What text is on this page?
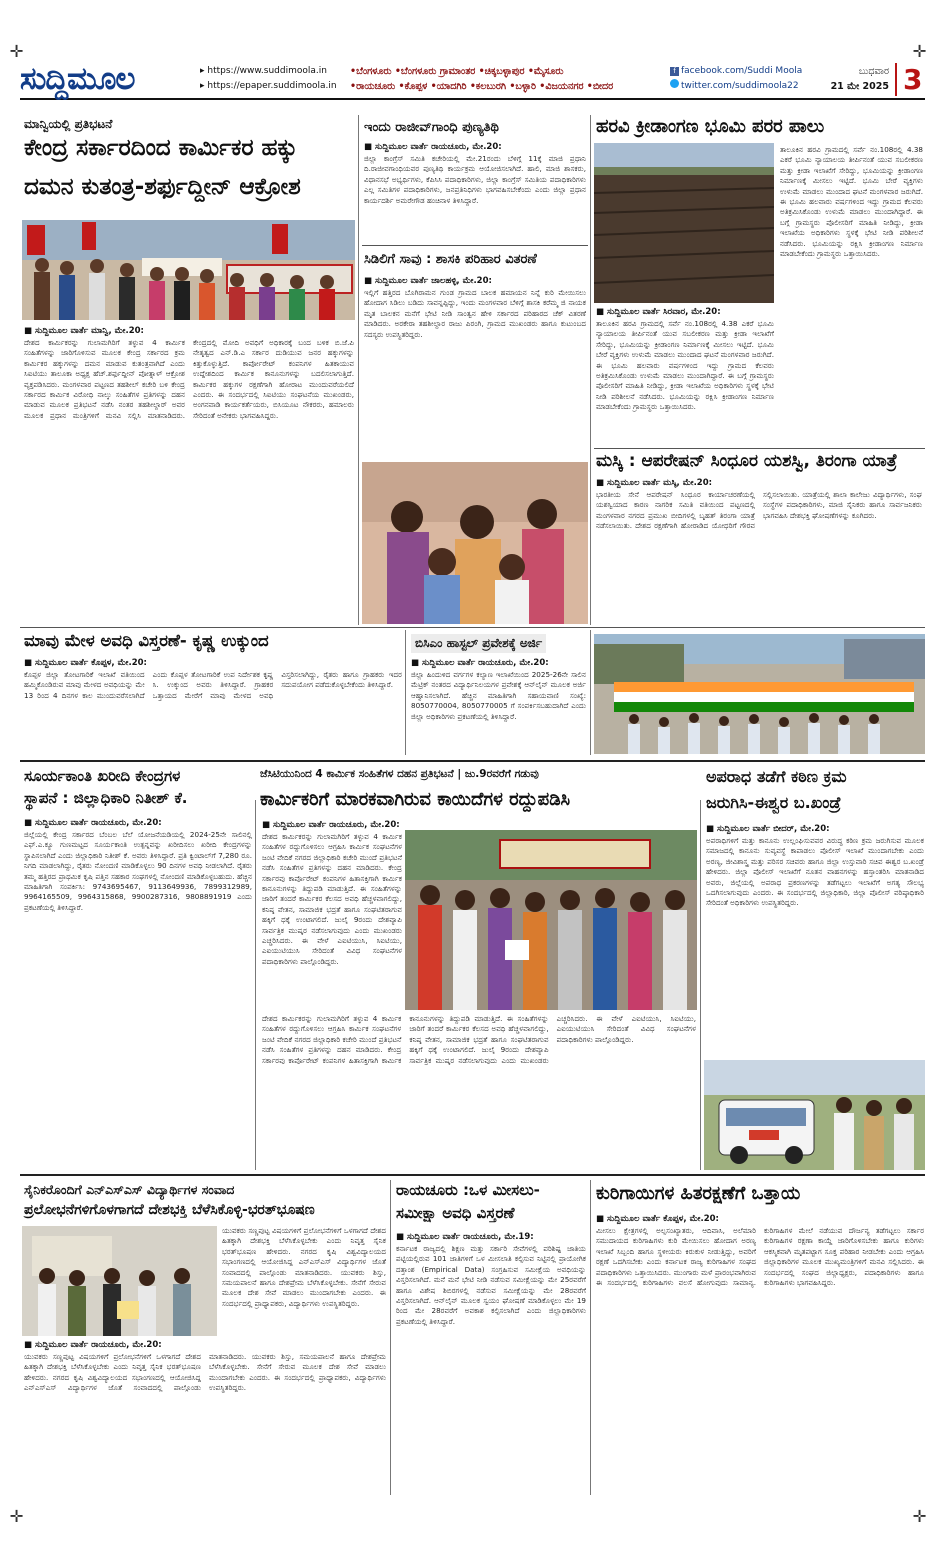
✛	✛
✛	✛
ಸುದ್ದಿಮೂಲ	▸ https://www.suddimoola.in
▸ https://epaper.suddimoola.in
•ಬೆಂಗಳೂರು •ಬೆಂಗಳೂರು ಗ್ರಾಮಾಂತರ •ಚಿಕ್ಕಬಳ್ಳಾಪುರ •ಮೈಸೂರು
•ರಾಯಚೂರು •ಕೊಪ್ಪಳ •ಯಾದಗಿರಿ •ಕಲಬುರಗಿ •ಬಳ್ಳಾರಿ •ವಿಜಯನಗರ •ಬೀದರ
f facebook.com/Suddi Moola
twitter.com/suddimoola22
ಬುಧವಾರ
21 ಮೇ 2025 3
ಮಾನ್ವಿಯಲ್ಲಿ ಪ್ರತಿಭಟನೆ
ಕೇಂದ್ರ ಸರ್ಕಾರದಿಂದ ಕಾರ್ಮಿಕರ ಹಕ್ಕು
ದಮನ ಕುತಂತ್ರ-ಶರ್ಫುದ್ದೀನ್ ಆಕ್ರೋಶ
■ ಸುದ್ದಿಮೂಲ ವಾರ್ತೆ ಮಾನ್ವಿ, ಮೇ.20:
ದೇಶದ ಕಾರ್ಮಿಕರನ್ನು ಗುಲಾಮಗಿರಿಗೆ ತಳ್ಳುವ 4 ಕಾರ್ಮಿಕ ಸಂಹಿತೆಗಳನ್ನು ಜಾರಿಗೊಳಿಸುವ ಮೂಲಕ ಕೇಂದ್ರ ಸರ್ಕಾರದ ಕ್ರಮ ಕಾರ್ಮಿಕರ ಹಕ್ಕುಗಳನ್ನು ದಮನ ಮಾಡುವ ಕುತಂತ್ರವಾಗಿದೆ ಎಂದು ಸಿಐಟಿಯು ತಾಲೂಕಾ ಅಧ್ಯಕ್ಷ ಹೆಚ್.ಶರ್ಫುದ್ದೀನ್ ಪೋತ್ನಾಳ್ ಆಕ್ರೋಶ ವ್ಯಕ್ತಪಡಿಸಿದರು. ಮಂಗಳವಾರ ಪಟ್ಟಣದ ತಹಶೀಲ್ ಕಚೇರಿ ಬಳಿ ಕೇಂದ್ರ ಸರ್ಕಾರದ ಕಾರ್ಮಿಕ ವಿರೋಧಿ ನಾಲ್ಕು ಸಂಹಿತೆಗಳ ಪ್ರತಿಗಳನ್ನು ದಹನ ಮಾಡುವ ಮೂಲಕ ಪ್ರತಿಭಟನೆ ನಡೆಸಿ ನಂತರ ತಹಶೀಲ್ದಾರ್ ಅವರ ಮೂಲಕ ಪ್ರಧಾನ ಮಂತ್ರಿಗಳಿಗೆ ಮನವಿ ಸಲ್ಲಿಸಿ ಮಾತನಾಡಿದರು. ಕೇಂದ್ರದಲ್ಲಿ ಮೋದಿ ಅವಧಿಗೆ ಅಧಿಕಾರಕ್ಕೆ ಬಂದ ಬಳಿಕ ಬಿ.ಜೆ.ಪಿ ನೇತೃತ್ವದ ಎನ್.ಡಿ.ಎ ಸರ್ಕಾರ ದುಡಿಯುವ ಜನರ ಹಕ್ಕುಗಳನ್ನು ಕಿತ್ತುಕೊಳ್ಳುತ್ತಿದೆ. ಕಾರ್ಪೋರೇಟ್ ಕಂಪನಿಗಳ ಹಿತಕಾಯುವ ಉದ್ದೇಶದಿಂದ ಕಾರ್ಮಿಕ ಕಾನೂನುಗಳನ್ನು ಬದಲಿಸಲಾಗುತ್ತಿದೆ. ಕಾರ್ಮಿಕರ ಹಕ್ಕುಗಳ ರಕ್ಷಣೆಗಾಗಿ ಹೋರಾಟ ಮುಂದುವರೆಯಲಿದೆ ಎಂದರು. ಈ ಸಂದರ್ಭದಲ್ಲಿ ಸಿಐಟಿಯು ಸಂಘಟನೆಯ ಮುಖಂಡರು, ಅಂಗನವಾಡಿ ಕಾರ್ಯಕರ್ತೆಯರು, ಬಿಸಿಯೂಟ ನೌಕರರು, ಹಮಾಲರು ಸೇರಿದಂತೆ ಅನೇಕರು ಭಾಗವಹಿಸಿದ್ದರು.
ಇಂದು ರಾಜೀವ್‌ಗಾಂಧಿ ಪುಣ್ಯತಿಥಿ
■ ಸುದ್ದಿಮೂಲ ವಾರ್ತೆ ರಾಯಚೂರು, ಮೇ.20:
ಜಿಲ್ಲಾ ಕಾಂಗ್ರೆಸ್ ಸಮಿತಿ ಕಚೇರಿಯಲ್ಲಿ ಮೇ.21ರಂದು ಬೆಳಿಗ್ಗೆ 11ಕ್ಕೆ ಮಾಜಿ ಪ್ರಧಾನಿ ದಿ.ರಾಜೀವಗಾಂಧಿಯವರ ಪುಣ್ಯತಿಥಿ ಕಾರ್ಯಕ್ರಮ ಆಯೋಜಿಸಲಾಗಿದೆ. ಹಾಲಿ, ಮಾಜಿ ಶಾಸಕರು, ವಿಧಾನಸಭೆ ಅಭ್ಯರ್ಥಿಗಳು, ಕೆಪಿಸಿಸಿ ಪದಾಧಿಕಾರಿಗಳು, ಜಿಲ್ಲಾ ಕಾಂಗ್ರೆಸ್ ಸಮಿತಿಯ ಪದಾಧಿಕಾರಿಗಳು ಎಲ್ಲ ಸಮಿತಿಗಳ ಪದಾಧಿಕಾರಿಗಳು, ಜನಪ್ರತಿನಿಧಿಗಳು ಭಾಗವಹಿಸಬೇಕೆಂದು ಎಂದು ಜಿಲ್ಲಾ ಪ್ರಧಾನ ಕಾರ್ಯದರ್ಶಿ ಅಮರೇಗೌಡ ಹಂಚಿನಾಳ ತಿಳಿಸಿದ್ದಾರೆ.
ಸಿಡಿಲಿಗೆ ಸಾವು : ಶಾಸಕಿ ಪರಿಹಾರ ವಿತರಣೆ
■ ಸುದ್ದಿಮೂಲ ವಾರ್ತೆ ಜಾಲಹಳ್ಳಿ, ಮೇ.20:
ಇಲ್ಲಿಗೆ ಹತ್ತಿರದ ಬೊಗಿರಾಮನ ಗುಂಡ ಗ್ರಾಮದ ಬಾಲಕ ಹಮಾಯನ ನಿನ್ನೆ ಕುರಿ ಮೇಯಿಸಲು ಹೋದಾಗ ಸಿಡಿಲು ಬಡಿದು ಸಾವನ್ನಪ್ಪಿದ್ದು, ಇಂದು ಮಂಗಳವಾರ ಬೆಳಿಗ್ಗೆ ಶಾಸಕಿ ಕರೆಮ್ಮ ಜಿ ನಾಯಕ ಮೃತ ಬಾಲಕನ ಮನೆಗೆ ಭೇಟಿ ನೀಡಿ ಸಾಂತ್ವನ ಹೇಳಿ ಸರ್ಕಾರದ ಪರಿಹಾರದ ಚೆಕ್ ವಿತರಣೆ ಮಾಡಿದರು. ಅರಕೇರಾ ತಹಶೀಲ್ದಾರ ರಾಜು ಪಿರಂಗಿ, ಗ್ರಾಮದ ಮುಖಂಡರು ಹಾಗೂ ಕುಟುಂಬದ ಸದಸ್ಯರು ಉಪಸ್ಥಿತರಿದ್ದರು.
ಹರವಿ ಕ್ರೀಡಾಂಗಣ ಭೂಮಿ ಪರರ ಪಾಲು
■ ಸುದ್ದಿಮೂಲ ವಾರ್ತೆ ಸಿರವಾರ, ಮೇ.20:
ತಾಲೂಕಿನ ಹರವಿ ಗ್ರಾಮದಲ್ಲಿ ಸರ್ವೆ ನಂ.108ರಲ್ಲಿ 4.38 ಎಕರೆ ಭೂಮಿ ನ್ಯಾಯಾಲಯ ತೀರ್ಪಿನಂತೆ ಯುವ ಸಬಲೀಕರಣ ಮತ್ತು ಕ್ರೀಡಾ ಇಲಾಖೆಗೆ ಸೇರಿದ್ದು, ಭೂಮಿಯನ್ನು ಕ್ರೀಡಾಂಗಣ ನಿರ್ಮಾಣಕ್ಕೆ ಮೀಸಲು ಇಟ್ಟಿದೆ. ಭೂಮಿ ಬೇರೆ ವ್ಯಕ್ತಿಗಳು ಉಳುಮೆ ಮಾಡಲು ಮುಂದಾದ ಘಟನೆ ಮಂಗಳವಾರ ಜರುಗಿದೆ. ಈ ಭೂಮಿ ಹಲವಾರು ವರ್ಷಗಳಿಂದ ಇದ್ದು ಗ್ರಾಮದ ಕೆಲವರು ಅತಿಕ್ರಮಿಸಿಕೊಂಡು ಉಳುಮೆ ಮಾಡಲು ಮುಂದಾಗಿದ್ದಾರೆ. ಈ ಬಗ್ಗೆ ಗ್ರಾಮಸ್ಥರು ಪೊಲೀಸರಿಗೆ ಮಾಹಿತಿ ನೀಡಿದ್ದು, ಕ್ರೀಡಾ ಇಲಾಖೆಯ ಅಧಿಕಾರಿಗಳು ಸ್ಥಳಕ್ಕೆ ಭೇಟಿ ನೀಡಿ ಪರಿಶೀಲನೆ ನಡೆಸಿದರು. ಭೂಮಿಯನ್ನು ರಕ್ಷಿಸಿ ಕ್ರೀಡಾಂಗಣ ನಿರ್ಮಾಣ ಮಾಡಬೇಕೆಂದು ಗ್ರಾಮಸ್ಥರು ಒತ್ತಾಯಿಸಿದರು.
ತಾಲೂಕಿನ ಹರವಿ ಗ್ರಾಮದಲ್ಲಿ ಸರ್ವೆ ನಂ.108ರಲ್ಲಿ 4.38 ಎಕರೆ ಭೂಮಿ ನ್ಯಾಯಾಲಯ ತೀರ್ಪಿನಂತೆ ಯುವ ಸಬಲೀಕರಣ ಮತ್ತು ಕ್ರೀಡಾ ಇಲಾಖೆಗೆ ಸೇರಿದ್ದು, ಭೂಮಿಯನ್ನು ಕ್ರೀಡಾಂಗಣ ನಿರ್ಮಾಣಕ್ಕೆ ಮೀಸಲು ಇಟ್ಟಿದೆ. ಭೂಮಿ ಬೇರೆ ವ್ಯಕ್ತಿಗಳು ಉಳುಮೆ ಮಾಡಲು ಮುಂದಾದ ಘಟನೆ ಮಂಗಳವಾರ ಜರುಗಿದೆ. ಈ ಭೂಮಿ ಹಲವಾರು ವರ್ಷಗಳಿಂದ ಇದ್ದು ಗ್ರಾಮದ ಕೆಲವರು ಅತಿಕ್ರಮಿಸಿಕೊಂಡು ಉಳುಮೆ ಮಾಡಲು ಮುಂದಾಗಿದ್ದಾರೆ. ಈ ಬಗ್ಗೆ ಗ್ರಾಮಸ್ಥರು ಪೊಲೀಸರಿಗೆ ಮಾಹಿತಿ ನೀಡಿದ್ದು, ಕ್ರೀಡಾ ಇಲಾಖೆಯ ಅಧಿಕಾರಿಗಳು ಸ್ಥಳಕ್ಕೆ ಭೇಟಿ ನೀಡಿ ಪರಿಶೀಲನೆ ನಡೆಸಿದರು. ಭೂಮಿಯನ್ನು ರಕ್ಷಿಸಿ ಕ್ರೀಡಾಂಗಣ ನಿರ್ಮಾಣ ಮಾಡಬೇಕೆಂದು ಗ್ರಾಮಸ್ಥರು ಒತ್ತಾಯಿಸಿದರು.
ಮಸ್ಕಿ : ಆಪರೇಷನ್ ಸಿಂಧೂರ ಯಶಸ್ವಿ, ತಿರಂಗಾ ಯಾತ್ರೆ
■ ಸುದ್ದಿಮೂಲ ವಾರ್ತೆ ಮಸ್ಕಿ, ಮೇ.20:
ಭಾರತೀಯ ಸೇನೆ ಆಪರೇಷನ್ ಸಿಂಧೂರ ಕಾರ್ಯಾಚರಣೆಯಲ್ಲಿ ಯಶಸ್ವಿಯಾದ ಕಾರಣ ನಾಗರಿಕ ಸಮಿತಿ ವತಿಯಿಂದ ಪಟ್ಟಣದಲ್ಲಿ ಮಂಗಳವಾರ ನಗರದ ಪ್ರಮುಖ ಬೀದಿಗಳಲ್ಲಿ ಬೃಹತ್ ತಿರಂಗಾ ಯಾತ್ರೆ ನಡೆಸಲಾಯಿತು. ದೇಶದ ರಕ್ಷಣೆಗಾಗಿ ಹೋರಾಡಿದ ಯೋಧರಿಗೆ ಗೌರವ ಸಲ್ಲಿಸಲಾಯಿತು. ಯಾತ್ರೆಯಲ್ಲಿ ಶಾಲಾ ಕಾಲೇಜು ವಿದ್ಯಾರ್ಥಿಗಳು, ಸಂಘ ಸಂಸ್ಥೆಗಳ ಪದಾಧಿಕಾರಿಗಳು, ಮಾಜಿ ಸೈನಿಕರು ಹಾಗೂ ಸಾರ್ವಜನಿಕರು ಭಾಗವಹಿಸಿ ದೇಶಭಕ್ತಿ ಘೋಷಣೆಗಳನ್ನು ಕೂಗಿದರು.
ಮಾವು ಮೇಳ ಅವಧಿ ವಿಸ್ತರಣೆ- ಕೃಷ್ಣ ಉಕ್ಕುಂದ
■ ಸುದ್ದಿಮೂಲ ವಾರ್ತೆ ಕೊಪ್ಪಳ, ಮೇ.20:
ಕೊಪ್ಪಳ ಜಿಲ್ಲಾ ತೋಟಗಾರಿಕೆ ಇಲಾಖೆ ವತಿಯಿಂದ ಹಮ್ಮಿಕೊಂಡಿರುವ ಮಾವು ಮೇಳದ ಅವಧಿಯನ್ನು ಮೇ 13 ರಿಂದ 4 ದಿನಗಳ ಕಾಲ ಮುಂದುವರೆಸಲಾಗಿದೆ ಎಂದು ಕೊಪ್ಪಳ ತೋಟಗಾರಿಕೆ ಉಪ ನಿರ್ದೇಶಕ ಕೃಷ್ಣ ಸಿ. ಉಕ್ಕುಂದ ಅವರು ತಿಳಿಸಿದ್ದಾರೆ. ಗ್ರಾಹಕರ ಒತ್ತಾಯದ ಮೇರೆಗೆ ಮಾವು ಮೇಳದ ಅವಧಿ ವಿಸ್ತರಿಸಲಾಗಿದ್ದು, ರೈತರು ಹಾಗೂ ಗ್ರಾಹಕರು ಇದರ ಸದುಪಯೋಗ ಪಡೆದುಕೊಳ್ಳಬೇಕೆಂದು ತಿಳಿಸಿದ್ದಾರೆ.
ಬಿಸಿಎಂ ಹಾಸ್ಟಲ್ ಪ್ರವೇಶಕ್ಕೆ ಅರ್ಜಿ
■ ಸುದ್ದಿಮೂಲ ವಾರ್ತೆ ರಾಯಚೂರು, ಮೇ.20:
ಜಿಲ್ಲಾ ಹಿಂದುಳಿದ ವರ್ಗಗಳ ಕಲ್ಯಾಣ ಇಲಾಖೆಯಿಂದ 2025-26ನೇ ಸಾಲಿನ ಮೆಟ್ರಿಕ್ ನಂತರದ ವಿದ್ಯಾರ್ಥಿನಿಲಯಗಳ ಪ್ರವೇಶಕ್ಕೆ ಆನ್‌ಲೈನ್ ಮೂಲಕ ಅರ್ಜಿ ಆಹ್ವಾನಿಸಲಾಗಿದೆ. ಹೆಚ್ಚಿನ ಮಾಹಿತಿಗಾಗಿ ಸಹಾಯವಾಣಿ ಸಂಖ್ಯೆ: 8050770004, 8050770005 ಗೆ ಸಂಪರ್ಕಿಸಬಹುದಾಗಿದೆ ಎಂದು ಜಿಲ್ಲಾ ಅಧಿಕಾರಿಗಳು ಪ್ರಕಟಣೆಯಲ್ಲಿ ತಿಳಿಸಿದ್ದಾರೆ.
ಸೂರ್ಯಕಾಂತಿ ಖರೀದಿ ಕೇಂದ್ರಗಳ
ಸ್ಥಾಪನೆ : ಜಿಲ್ಲಾಧಿಕಾರಿ ನಿತೀಶ್ ಕೆ.
■ ಸುದ್ದಿಮೂಲ ವಾರ್ತೆ ರಾಯಚೂರು, ಮೇ.20:
ಜಿಲ್ಲೆಯಲ್ಲಿ ಕೇಂದ್ರ ಸರ್ಕಾರದ ಬೆಂಬಲ ಬೆಲೆ ಯೋಜನೆಯಡಿಯಲ್ಲಿ 2024-25ನೇ ಸಾಲಿನಲ್ಲಿ ಎಫ್.ಎ.ಕ್ಯೂ ಗುಣಮಟ್ಟದ ಸೂರ್ಯಕಾಂತಿ ಉತ್ಪನ್ನವನ್ನು ಖರೀದಿಸಲು ಖರೀದಿ ಕೇಂದ್ರಗಳನ್ನು ಸ್ಥಾಪಿಸಲಾಗಿದೆ ಎಂದು ಜಿಲ್ಲಾಧಿಕಾರಿ ನಿತೀಶ್ ಕೆ. ಅವರು ತಿಳಿಸಿದ್ದಾರೆ. ಪ್ರತಿ ಕ್ವಿಂಟಾಲ್‌ಗೆ 7,280 ರೂ. ನಿಗದಿ ಮಾಡಲಾಗಿದ್ದು, ರೈತರು ನೋಂದಣಿ ಮಾಡಿಕೊಳ್ಳಲು 90 ದಿನಗಳ ಅವಧಿ ನೀಡಲಾಗಿದೆ. ರೈತರು ತಮ್ಮ ಹತ್ತಿರದ ಪ್ರಾಥಮಿಕ ಕೃಷಿ ಪತ್ತಿನ ಸಹಕಾರ ಸಂಘಗಳಲ್ಲಿ ನೋಂದಣಿ ಮಾಡಿಕೊಳ್ಳಬಹುದು. ಹೆಚ್ಚಿನ ಮಾಹಿತಿಗಾಗಿ ಸಂಪರ್ಕಿಸಿ: 9743695467, 9113649936, 7899312989, 9964165509, 9964315868, 9900287316, 9808891919 ಎಂದು ಪ್ರಕಟಣೆಯಲ್ಲಿ ತಿಳಿಸಿದ್ದಾರೆ.
ಜೆಸಿಟಿಯುನಿಂದ 4 ಕಾರ್ಮಿಕ ಸಂಹಿತೆಗಳ ದಹನ ಪ್ರತಿಭಟನೆ | ಜು.9ರವರೆಗೆ ಗಡುವು
ಕಾರ್ಮಿಕರಿಗೆ ಮಾರಕವಾಗಿರುವ ಕಾಯಿದೆಗಳ ರದ್ದುಪಡಿಸಿ
■ ಸುದ್ದಿಮೂಲ ವಾರ್ತೆ ರಾಯಚೂರು, ಮೇ.20:
ದೇಶದ ಕಾರ್ಮಿಕರನ್ನು ಗುಲಾಮಗಿರಿಗೆ ತಳ್ಳುವ 4 ಕಾರ್ಮಿಕ ಸಂಹಿತೆಗಳ ರದ್ದುಗೊಳಿಸಲು ಆಗ್ರಹಿಸಿ ಕಾರ್ಮಿಕ ಸಂಘಟನೆಗಳ ಜಂಟಿ ವೇದಿಕೆ ನಗರದ ಜಿಲ್ಲಾಧಿಕಾರಿ ಕಚೇರಿ ಮುಂದೆ ಪ್ರತಿಭಟನೆ ನಡೆಸಿ ಸಂಹಿತೆಗಳ ಪ್ರತಿಗಳನ್ನು ದಹನ ಮಾಡಿದರು. ಕೇಂದ್ರ ಸರ್ಕಾರವು ಕಾರ್ಪೊರೇಟ್ ಕಂಪನಿಗಳ ಹಿತಾಸಕ್ತಿಗಾಗಿ ಕಾರ್ಮಿಕ ಕಾನೂನುಗಳನ್ನು ತಿದ್ದುಪಡಿ ಮಾಡುತ್ತಿದೆ. ಈ ಸಂಹಿತೆಗಳನ್ನು ಜಾರಿಗೆ ತಂದರೆ ಕಾರ್ಮಿಕರ ಕೆಲಸದ ಅವಧಿ ಹೆಚ್ಚಳವಾಗಲಿದ್ದು, ಕನಿಷ್ಠ ವೇತನ, ಸಾಮಾಜಿಕ ಭದ್ರತೆ ಹಾಗೂ ಸಂಘಟಿತರಾಗುವ ಹಕ್ಕಿಗೆ ಧಕ್ಕೆ ಉಂಟಾಗಲಿದೆ. ಜುಲೈ 9ರಂದು ದೇಶವ್ಯಾಪಿ ಸಾರ್ವತ್ರಿಕ ಮುಷ್ಕರ ನಡೆಸಲಾಗುವುದು ಎಂದು ಮುಖಂಡರು ಎಚ್ಚರಿಸಿದರು. ಈ ವೇಳೆ ಎಐಟಿಯುಸಿ, ಸಿಐಟಿಯು, ಎಐಯುಟಿಯುಸಿ ಸೇರಿದಂತೆ ವಿವಿಧ ಸಂಘಟನೆಗಳ ಪದಾಧಿಕಾರಿಗಳು ಪಾಲ್ಗೊಂಡಿದ್ದರು.
ದೇಶದ ಕಾರ್ಮಿಕರನ್ನು ಗುಲಾಮಗಿರಿಗೆ ತಳ್ಳುವ 4 ಕಾರ್ಮಿಕ ಸಂಹಿತೆಗಳ ರದ್ದುಗೊಳಿಸಲು ಆಗ್ರಹಿಸಿ ಕಾರ್ಮಿಕ ಸಂಘಟನೆಗಳ ಜಂಟಿ ವೇದಿಕೆ ನಗರದ ಜಿಲ್ಲಾಧಿಕಾರಿ ಕಚೇರಿ ಮುಂದೆ ಪ್ರತಿಭಟನೆ ನಡೆಸಿ ಸಂಹಿತೆಗಳ ಪ್ರತಿಗಳನ್ನು ದಹನ ಮಾಡಿದರು. ಕೇಂದ್ರ ಸರ್ಕಾರವು ಕಾರ್ಪೊರೇಟ್ ಕಂಪನಿಗಳ ಹಿತಾಸಕ್ತಿಗಾಗಿ ಕಾರ್ಮಿಕ ಕಾನೂನುಗಳನ್ನು ತಿದ್ದುಪಡಿ ಮಾಡುತ್ತಿದೆ. ಈ ಸಂಹಿತೆಗಳನ್ನು ಜಾರಿಗೆ ತಂದರೆ ಕಾರ್ಮಿಕರ ಕೆಲಸದ ಅವಧಿ ಹೆಚ್ಚಳವಾಗಲಿದ್ದು, ಕನಿಷ್ಠ ವೇತನ, ಸಾಮಾಜಿಕ ಭದ್ರತೆ ಹಾಗೂ ಸಂಘಟಿತರಾಗುವ ಹಕ್ಕಿಗೆ ಧಕ್ಕೆ ಉಂಟಾಗಲಿದೆ. ಜುಲೈ 9ರಂದು ದೇಶವ್ಯಾಪಿ ಸಾರ್ವತ್ರಿಕ ಮುಷ್ಕರ ನಡೆಸಲಾಗುವುದು ಎಂದು ಮುಖಂಡರು ಎಚ್ಚರಿಸಿದರು. ಈ ವೇಳೆ ಎಐಟಿಯುಸಿ, ಸಿಐಟಿಯು, ಎಐಯುಟಿಯುಸಿ ಸೇರಿದಂತೆ ವಿವಿಧ ಸಂಘಟನೆಗಳ ಪದಾಧಿಕಾರಿಗಳು ಪಾಲ್ಗೊಂಡಿದ್ದರು.
ಅಪರಾಧ ತಡೆಗೆ ಕಠಿಣ ಕ್ರಮ
ಜರುಗಿಸಿ-ಈಶ್ವರ ಬ.ಖಂಡ್ರೆ
■ ಸುದ್ದಿಮೂಲ ವಾರ್ತೆ ಬೀದರ್, ಮೇ.20:
ಅಪರಾಧಿಗಳಿಗೆ ಮತ್ತು ಕಾನೂನು ಉಲ್ಲಂಘಿಸುವವರ ವಿರುದ್ಧ ಕಠಿಣ ಕ್ರಮ ಜರುಗಿಸುವ ಮೂಲಕ ಸಮಾಜದಲ್ಲಿ ಕಾನೂನು ಸುವ್ಯವಸ್ಥೆ ಕಾಪಾಡಲು ಪೊಲೀಸ್ ಇಲಾಖೆ ಮುಂದಾಗಬೇಕು ಎಂದು ಅರಣ್ಯ, ಜೀವಿಶಾಸ್ತ್ರ ಮತ್ತು ಪರಿಸರ ಸಚಿವರು ಹಾಗೂ ಜಿಲ್ಲಾ ಉಸ್ತುವಾರಿ ಸಚಿವ ಈಶ್ವರ ಬ.ಖಂಡ್ರೆ ಹೇಳಿದರು. ಜಿಲ್ಲಾ ಪೊಲೀಸ್ ಇಲಾಖೆಗೆ ನೂತನ ವಾಹನಗಳನ್ನು ಹಸ್ತಾಂತರಿಸಿ ಮಾತನಾಡಿದ ಅವರು, ಜಿಲ್ಲೆಯಲ್ಲಿ ಅಪರಾಧ ಪ್ರಕರಣಗಳನ್ನು ತಡೆಗಟ್ಟಲು ಇಲಾಖೆಗೆ ಅಗತ್ಯ ಸೌಲಭ್ಯ ಒದಗಿಸಲಾಗುವುದು ಎಂದರು. ಈ ಸಂದರ್ಭದಲ್ಲಿ ಜಿಲ್ಲಾಧಿಕಾರಿ, ಜಿಲ್ಲಾ ಪೊಲೀಸ್ ವರಿಷ್ಠಾಧಿಕಾರಿ ಸೇರಿದಂತೆ ಅಧಿಕಾರಿಗಳು ಉಪಸ್ಥಿತರಿದ್ದರು.
ಸೈನಿಕರೊಂದಿಗೆ ಎನ್‌ಎಸ್‌ಎಸ್ ವಿದ್ಯಾರ್ಥಿಗಳ ಸಂವಾದ
ಪ್ರಲೋಭನೆಗಳಿಗೊಳಗಾಗದೆ ದೇಶಭಕ್ತಿ ಬೆಳೆಸಿಕೊಳ್ಳಿ-ಭರತ್‌ಭೂಷಣ
ಯುವಕರು ಸಣ್ಣಪುಟ್ಟ ವಿಷಯಗಳಿಗೆ ಪ್ರಲೋಭನೆಗಳಿಗೆ ಒಳಗಾಗದೆ ದೇಶದ ಹಿತಕ್ಕಾಗಿ ದೇಶಭಕ್ತಿ ಬೆಳೆಸಿಕೊಳ್ಳಬೇಕು ಎಂದು ನಿವೃತ್ತ ಸೈನಿಕ ಭರತ್‌ಭೂಷಣ ಹೇಳಿದರು. ನಗರದ ಕೃಷಿ ವಿಶ್ವವಿದ್ಯಾಲಯದ ಸಭಾಂಗಣದಲ್ಲಿ ಆಯೋಜಿಸಿದ್ದ ಎನ್‌ಎಸ್‌ಎಸ್ ವಿದ್ಯಾರ್ಥಿಗಳ ಜೊತೆ ಸಂವಾದದಲ್ಲಿ ಪಾಲ್ಗೊಂಡು ಮಾತನಾಡಿದರು. ಯುವಕರು ಶಿಸ್ತು, ಸಮಯಪಾಲನೆ ಹಾಗೂ ದೇಶಪ್ರೇಮ ಬೆಳೆಸಿಕೊಳ್ಳಬೇಕು. ಸೇನೆಗೆ ಸೇರುವ ಮೂಲಕ ದೇಶ ಸೇವೆ ಮಾಡಲು ಮುಂದಾಗಬೇಕು ಎಂದರು. ಈ ಸಂದರ್ಭದಲ್ಲಿ ಪ್ರಾಧ್ಯಾಪಕರು, ವಿದ್ಯಾರ್ಥಿಗಳು ಉಪಸ್ಥಿತರಿದ್ದರು.
■ ಸುದ್ದಿಮೂಲ ವಾರ್ತೆ ರಾಯಚೂರು, ಮೇ.20:
ಯುವಕರು ಸಣ್ಣಪುಟ್ಟ ವಿಷಯಗಳಿಗೆ ಪ್ರಲೋಭನೆಗಳಿಗೆ ಒಳಗಾಗದೆ ದೇಶದ ಹಿತಕ್ಕಾಗಿ ದೇಶಭಕ್ತಿ ಬೆಳೆಸಿಕೊಳ್ಳಬೇಕು ಎಂದು ನಿವೃತ್ತ ಸೈನಿಕ ಭರತ್‌ಭೂಷಣ ಹೇಳಿದರು. ನಗರದ ಕೃಷಿ ವಿಶ್ವವಿದ್ಯಾಲಯದ ಸಭಾಂಗಣದಲ್ಲಿ ಆಯೋಜಿಸಿದ್ದ ಎನ್‌ಎಸ್‌ಎಸ್ ವಿದ್ಯಾರ್ಥಿಗಳ ಜೊತೆ ಸಂವಾದದಲ್ಲಿ ಪಾಲ್ಗೊಂಡು ಮಾತನಾಡಿದರು. ಯುವಕರು ಶಿಸ್ತು, ಸಮಯಪಾಲನೆ ಹಾಗೂ ದೇಶಪ್ರೇಮ ಬೆಳೆಸಿಕೊಳ್ಳಬೇಕು. ಸೇನೆಗೆ ಸೇರುವ ಮೂಲಕ ದೇಶ ಸೇವೆ ಮಾಡಲು ಮುಂದಾಗಬೇಕು ಎಂದರು. ಈ ಸಂದರ್ಭದಲ್ಲಿ ಪ್ರಾಧ್ಯಾಪಕರು, ವಿದ್ಯಾರ್ಥಿಗಳು ಉಪಸ್ಥಿತರಿದ್ದರು.
ರಾಯಚೂರು :ಒಳ ಮೀಸಲು-
ಸಮೀಕ್ಷಾ ಅವಧಿ ವಿಸ್ತರಣೆ
■ ಸುದ್ದಿಮೂಲ ವಾರ್ತೆ ರಾಯಚೂರು, ಮೇ.19:
ಕರ್ನಾಟಕ ರಾಜ್ಯದಲ್ಲಿ ಶಿಕ್ಷಣ ಮತ್ತು ಸರ್ಕಾರಿ ಸೇವೆಗಳಲ್ಲಿ ಪರಿಶಿಷ್ಟ ಜಾತಿಯ ಪಟ್ಟಿಯಲ್ಲಿರುವ 101 ಜಾತಿಗಳಿಗೆ ಒಳ ಮೀಸಲಾತಿ ಕಲ್ಪಿಸುವ ನಿಟ್ಟಿನಲ್ಲಿ ಪ್ರಾಯೋಗಿಕ ದತ್ತಾಂಶ (Empirical Data) ಸಂಗ್ರಹಿಸುವ ಸಮೀಕ್ಷೆಯ ಅವಧಿಯನ್ನು ವಿಸ್ತರಿಸಲಾಗಿದೆ. ಮನೆ ಮನೆ ಭೇಟಿ ನೀಡಿ ನಡೆಸುವ ಸಮೀಕ್ಷೆಯನ್ನು ಮೇ 25ರವರೆಗೆ ಹಾಗೂ ವಿಶೇಷ ಶಿಬಿರಗಳಲ್ಲಿ ನಡೆಸುವ ಸಮೀಕ್ಷೆಯನ್ನು ಮೇ 28ರವರೆಗೆ ವಿಸ್ತರಿಸಲಾಗಿದೆ. ಆನ್‌ಲೈನ್ ಮೂಲಕ ಸ್ವಯಂ ಘೋಷಣೆ ಮಾಡಿಕೊಳ್ಳಲು ಮೇ 19 ರಿಂದ ಮೇ 28ರವರೆಗೆ ಅವಕಾಶ ಕಲ್ಪಿಸಲಾಗಿದೆ ಎಂದು ಜಿಲ್ಲಾಧಿಕಾರಿಗಳು ಪ್ರಕಟಣೆಯಲ್ಲಿ ತಿಳಿಸಿದ್ದಾರೆ.
ಕುರಿಗಾಯಿಗಳ ಹಿತರಕ್ಷಣೆಗೆ ಒತ್ತಾಯ
■ ಸುದ್ದಿಮೂಲ ವಾರ್ತೆ ಕೊಪ್ಪಳ, ಮೇ.20:
ಮೀಸಲು ಕ್ಷೇತ್ರಗಳಲ್ಲಿ ಅಲ್ಪಸಂಖ್ಯಾತರು, ಆದಿವಾಸಿ, ಅಲೆಮಾರಿ ಸಮುದಾಯದ ಕುರಿಗಾಹಿಗಳು ಕುರಿ ಮೇಯಿಸಲು ಹೋದಾಗ ಅರಣ್ಯ ಇಲಾಖೆ ಸಿಬ್ಬಂದಿ ಹಾಗೂ ಸ್ಥಳೀಯರು ಕಿರುಕುಳ ನೀಡುತ್ತಿದ್ದು, ಅವರಿಗೆ ರಕ್ಷಣೆ ಒದಗಿಸಬೇಕು ಎಂದು ಕರ್ನಾಟಕ ರಾಜ್ಯ ಕುರಿಗಾಹಿಗಳ ಸಂಘದ ಪದಾಧಿಕಾರಿಗಳು ಒತ್ತಾಯಿಸಿದರು. ಮುಂಗಾರು ಮಳೆ ಪ್ರಾರಂಭವಾಗಿರುವ ಈ ಸಂದರ್ಭದಲ್ಲಿ ಕುರಿಗಾಹಿಗಳು ವಲಸೆ ಹೋಗುವುದು ಸಾಮಾನ್ಯ. ಕುರಿಗಾಹಿಗಳ ಮೇಲೆ ನಡೆಯುವ ದೌರ್ಜನ್ಯ ತಡೆಗಟ್ಟಲು ಸರ್ಕಾರ ಕುರಿಗಾಹಿಗಳ ರಕ್ಷಣಾ ಕಾಯ್ದೆ ಜಾರಿಗೊಳಿಸಬೇಕು ಹಾಗೂ ಕುರಿಗಳು ಆಕಸ್ಮಿಕವಾಗಿ ಮೃತಪಟ್ಟಾಗ ಸೂಕ್ತ ಪರಿಹಾರ ನೀಡಬೇಕು ಎಂದು ಆಗ್ರಹಿಸಿ ಜಿಲ್ಲಾಧಿಕಾರಿಗಳ ಮೂಲಕ ಮುಖ್ಯಮಂತ್ರಿಗಳಿಗೆ ಮನವಿ ಸಲ್ಲಿಸಿದರು. ಈ ಸಂದರ್ಭದಲ್ಲಿ ಸಂಘದ ಜಿಲ್ಲಾಧ್ಯಕ್ಷರು, ಪದಾಧಿಕಾರಿಗಳು ಹಾಗೂ ಕುರಿಗಾಹಿಗಳು ಭಾಗವಹಿಸಿದ್ದರು.
